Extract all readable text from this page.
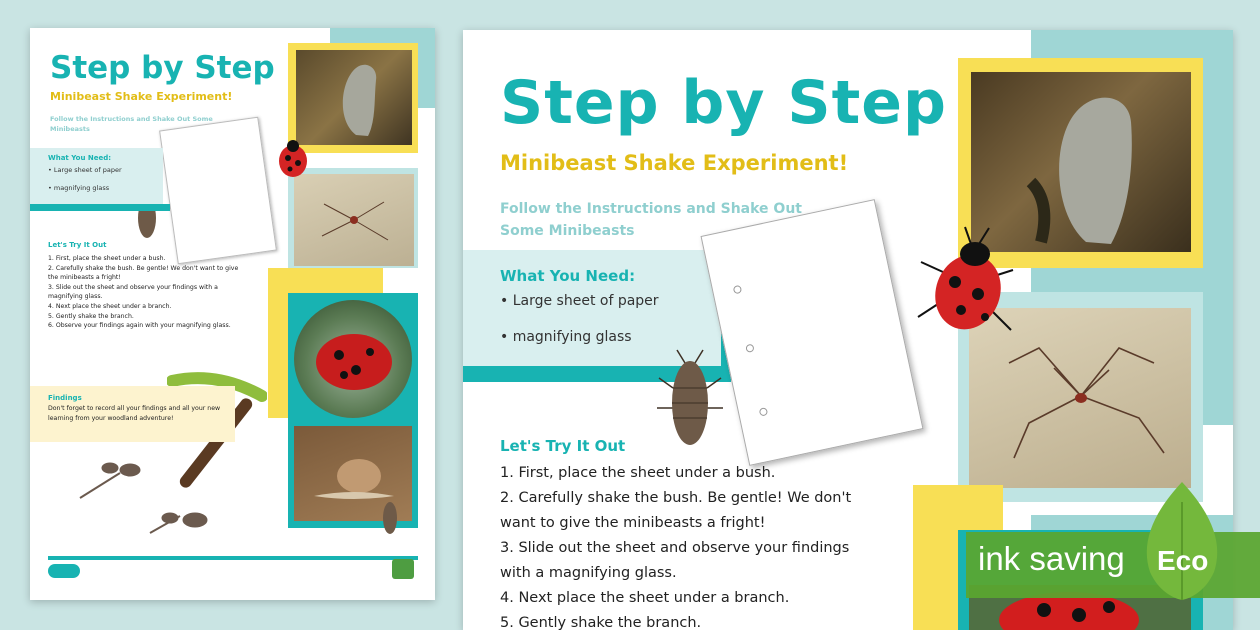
Step by Step
Minibeast Shake Experiment!
Follow the Instructions and Shake Out Some Minibeasts
What You Need:
• Large sheet of paper
• magnifying glass
Let's Try It Out
1. First, place the sheet under a bush.
2. Carefully shake the bush. Be gentle! We don't want to give the minibeasts a fright!
3. Slide out the sheet and observe your findings with a magnifying glass.
4. Next place the sheet under a branch.
5. Gently shake the branch.
6. Observe your findings again with your magnifying glass.
Findings
Don't forget to record all your findings and all your new learning from your woodland adventure!
Step by Step
Minibeast Shake Experiment!
Follow the Instructions and Shake Out Some Minibeasts
What You Need:
• Large sheet of paper
• magnifying glass
Let's Try It Out
1. First, place the sheet under a bush.
2. Carefully shake the bush. Be gentle! We don't want to give the minibeasts a fright!
3. Slide out the sheet and observe your findings with a magnifying glass.
4. Next place the sheet under a branch.
5. Gently shake the branch.
ink saving Eco
